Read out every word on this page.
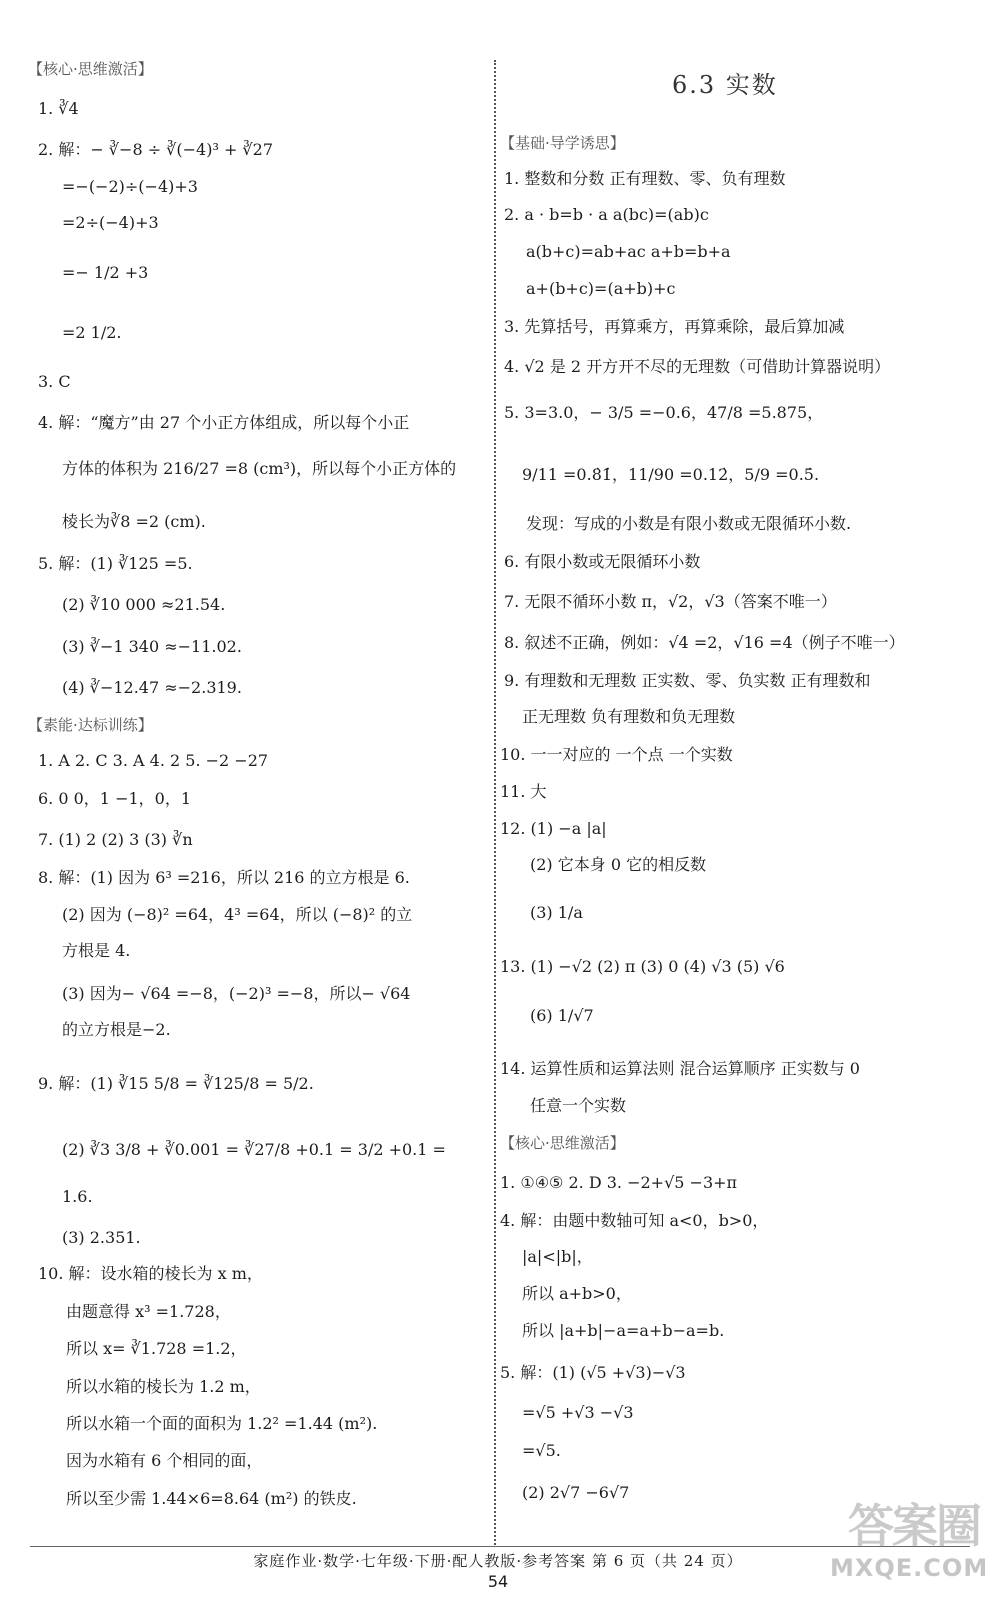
【核心·思维激活】
1. ∛4
2. 解：− ∛−8 ÷ ∛(−4)³ + ∛27
=−(−2)÷(−4)+3
=2÷(−4)+3
=− 1/2 +3
=2 1/2.
3. C
4. 解：“魔方”由 27 个小正方体组成，所以每个小正
方体的体积为 216/27 =8 (cm³)，所以每个小正方体的
棱长为∛8 =2 (cm).
5. 解：(1) ∛125 =5.
(2) ∛10 000 ≈21.54.
(3) ∛−1 340 ≈−11.02.
(4) ∛−12.47 ≈−2.319.
【素能·达标训练】
1. A 2. C 3. A 4. 2 5. −2 −27
6. 0 0，1 −1，0，1
7. (1) 2 (2) 3 (3) ∛n
8. 解：(1) 因为 6³ =216，所以 216 的立方根是 6.
(2) 因为 (−8)² =64，4³ =64，所以 (−8)² 的立
方根是 4.
(3) 因为− √64 =−8，(−2)³ =−8，所以− √64
的立方根是−2.
9. 解：(1) ∛15 5/8 = ∛125/8 = 5/2.
(2) ∛3 3/8 + ∛0.001 = ∛27/8 +0.1 = 3/2 +0.1 =
1.6.
(3) 2.351.
10. 解：设水箱的棱长为 x m，
由题意得 x³ =1.728，
所以 x= ∛1.728 =1.2，
所以水箱的棱长为 1.2 m，
所以水箱一个面的面积为 1.2² =1.44 (m²).
因为水箱有 6 个相同的面，
所以至少需 1.44×6=8.64 (m²) 的铁皮.
6.3 实数
【基础·导学诱思】
1. 整数和分数 正有理数、零、负有理数
2. a · b=b · a a(bc)=(ab)c
a(b+c)=ab+ac a+b=b+a
a+(b+c)=(a+b)+c
3. 先算括号，再算乘方，再算乘除，最后算加减
4. √2 是 2 开方开不尽的无理数（可借助计算器说明）
5. 3=3.0，− 3/5 =−0.6，47/8 =5.875，
9/11 =0.8̇1̇，11/90 =0.12̇，5/9 =0.5̇.
发现：写成的小数是有限小数或无限循环小数.
6. 有限小数或无限循环小数
7. 无限不循环小数 π，√2，√3（答案不唯一）
8. 叙述不正确，例如：√4 =2，√16 =4（例子不唯一）
9. 有理数和无理数 正实数、零、负实数 正有理数和
正无理数 负有理数和负无理数
10. 一一对应的 一个点 一个实数
11. 大
12. (1) −a |a|
(2) 它本身 0 它的相反数
(3) 1/a
13. (1) −√2 (2) π (3) 0 (4) √3 (5) √6
(6) 1/√7
14. 运算性质和运算法则 混合运算顺序 正实数与 0
任意一个实数
【核心·思维激活】
1. ①④⑤ 2. D 3. −2+√5 −3+π
4. 解：由题中数轴可知 a<0，b>0，
|a|<|b|，
所以 a+b>0，
所以 |a+b|−a=a+b−a=b.
5. 解：(1) (√5 +√3)−√3
=√5 +√3 −√3
=√5.
(2) 2√7 −6√7
家庭作业·数学·七年级·下册·配人教版·参考答案 第 6 页（共 24 页）
54
答案圈
MXQE.COM
